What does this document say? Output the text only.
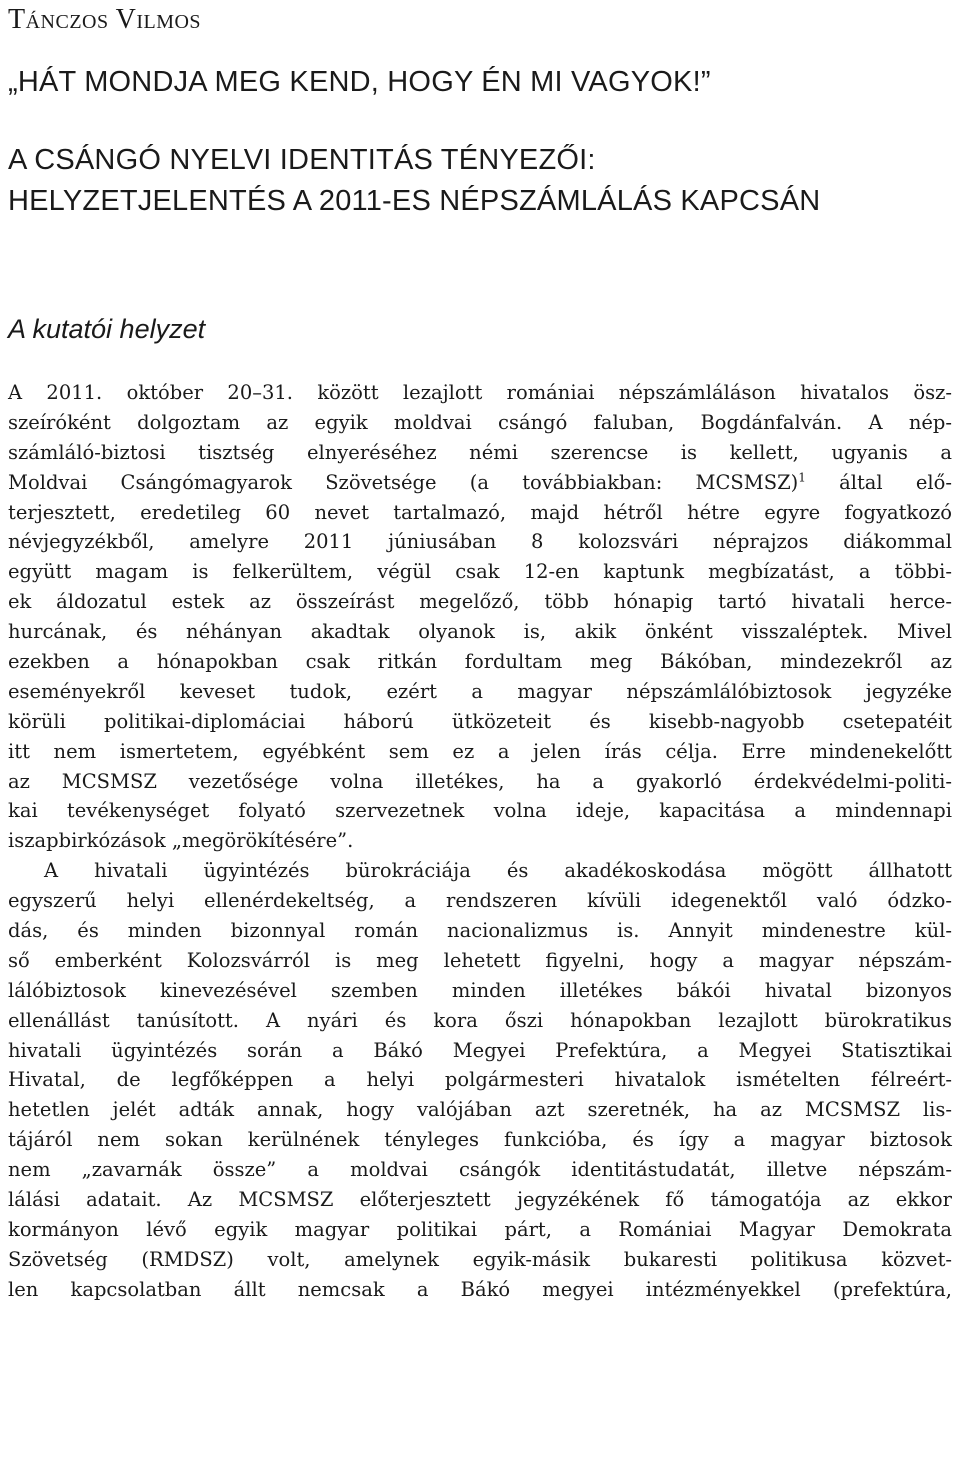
Tánczos Vilmos
„HÁT MONDJA MEG KEND, HOGY ÉN MI VAGYOK!”
A CSÁNGÓ NYELVI IDENTITÁS TÉNYEZŐI:
HELYZETJELENTÉS A 2011-ES NÉPSZÁMLÁLÁS KAPCSÁN
A kutatói helyzet
A 2011. október 20–31. között lezajlott romániai népszámláláson hivatalos ösz-
szeíróként dolgoztam az egyik moldvai csángó faluban, Bogdánfalván. A nép-
számláló-biztosi tisztség elnyeréséhez némi szerencse is kellett, ugyanis a
Moldvai Csángómagyarok Szövetsége (a továbbiakban: MCSMSZ)$^1$ által elő-
terjesztett, eredetileg 60 nevet tartalmazó, majd hétről hétre egyre fogyatkozó
névjegyzékből, amelyre 2011 júniusában 8 kolozsvári néprajzos diákommal
együtt magam is felkerültem, végül csak 12-en kaptunk megbízatást, a többi-
ek áldozatul estek az összeírást megelőző, több hónapig tartó hivatali herce-
hurcának, és néhányan akadtak olyanok is, akik önként visszaléptek. Mivel
ezekben a hónapokban csak ritkán fordultam meg Bákóban, mindezekről az
eseményekről keveset tudok, ezért a magyar népszámlálóbiztosok jegyzéke
körüli politikai-diplomáciai háború ütközeteit és kisebb-nagyobb csetepatéit
itt nem ismertetem, egyébként sem ez a jelen írás célja. Erre mindenekelőtt
az MCSMSZ vezetősége volna illetékes, ha a gyakorló érdekvédelmi-politi-
kai tevékenységet folyató szervezetnek volna ideje, kapacitása a mindennapi
iszapbirkózások „megörökítésére”.
A hivatali ügyintézés bürokráciája és akadékoskodása mögött állhatott
egyszerű helyi ellenérdekeltség, a rendszeren kívüli idegenektől való ódzko-
dás, és minden bizonnyal román nacionalizmus is. Annyit mindenestre kül-
ső emberként Kolozsvárról is meg lehetett figyelni, hogy a magyar népszám-
lálóbiztosok kinevezésével szemben minden illetékes bákói hivatal bizonyos
ellenállást tanúsított. A nyári és kora őszi hónapokban lezajlott bürokratikus
hivatali ügyintézés során a Bákó Megyei Prefektúra, a Megyei Statisztikai
Hivatal, de legfőképpen a helyi polgármesteri hivatalok ismételten félreért-
hetetlen jelét adták annak, hogy valójában azt szeretnék, ha az MCSMSZ lis-
tájáról nem sokan kerülnének tényleges funkcióba, és így a magyar biztosok
nem „zavarnák össze” a moldvai csángók identitástudatát, illetve népszám-
lálási adatait. Az MCSMSZ előterjesztett jegyzékének fő támogatója az ekkor
kormányon lévő egyik magyar politikai párt, a Romániai Magyar Demokrata
Szövetség (RMDSZ) volt, amelynek egyik-másik bukaresti politikusa közvet-
len kapcsolatban állt nemcsak a Bákó megyei intézményekkel (prefektúra,
